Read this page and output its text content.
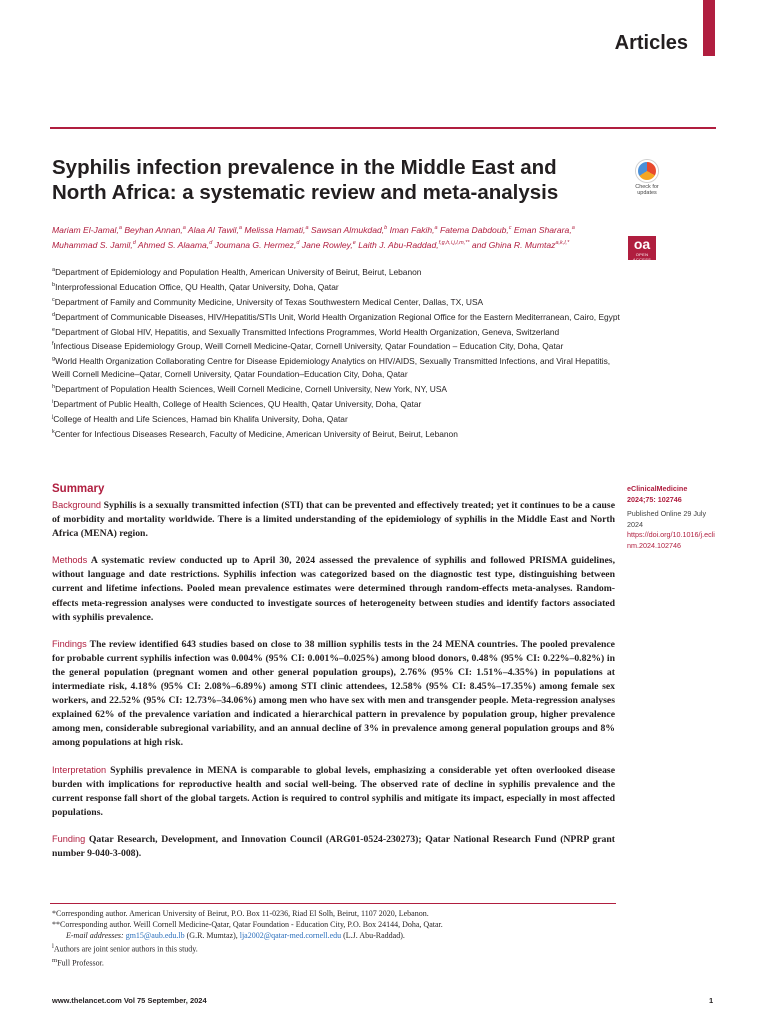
Articles
Syphilis infection prevalence in the Middle East and North Africa: a systematic review and meta-analysis	Check for updates
oa
OPEN ACCESS

Mariam El-Jamal,$^a$ Beyhan Annan,$^a$ Alaa Al Tawil,$^a$ Melissa Hamati,$^a$ Sawsan Almukdad,$^b$ Iman Fakih,$^a$ Fatema Dabdoub,$^c$ Eman Sharara,$^a$ Muhammad S. Jamil,$^d$ Ahmed S. Alaama,$^d$ Joumana G. Hermez,$^d$ Jane Rowley,$^e$ Laith J. Abu-Raddad,$^{f,g,h,i,j,l,m,**}$ and Ghina R. Mumtaz$^{a,k,l,*}$

$^a$Department of Epidemiology and Population Health, American University of Beirut, Beirut, Lebanon
$^b$Interprofessional Education Office, QU Health, Qatar University, Doha, Qatar
$^c$Department of Family and Community Medicine, University of Texas Southwestern Medical Center, Dallas, TX, USA
$^d$Department of Communicable Diseases, HIV/Hepatitis/STIs Unit, World Health Organization Regional Office for the Eastern Mediterranean, Cairo, Egypt
$^e$Department of Global HIV, Hepatitis, and Sexually Transmitted Infections Programmes, World Health Organization, Geneva, Switzerland
$^f$Infectious Disease Epidemiology Group, Weill Cornell Medicine-Qatar, Cornell University, Qatar Foundation – Education City, Doha, Qatar
$^g$World Health Organization Collaborating Centre for Disease Epidemiology Analytics on HIV/AIDS, Sexually Transmitted Infections, and Viral Hepatitis, Weill Cornell Medicine–Qatar, Cornell University, Qatar Foundation–Education City, Doha, Qatar
$^h$Department of Population Health Sciences, Weill Cornell Medicine, Cornell University, New York, NY, USA
$^i$Department of Public Health, College of Health Sciences, QU Health, Qatar University, Doha, Qatar
$^j$College of Health and Life Sciences, Hamad bin Khalifa University, Doha, Qatar
$^k$Center for Infectious Diseases Research, Faculty of Medicine, American University of Beirut, Beirut, Lebanon
Summary

Background Syphilis is a sexually transmitted infection (STI) that can be prevented and effectively treated; yet it continues to be a cause of morbidity and mortality worldwide. There is a limited understanding of the epidemiology of syphilis in the Middle East and North Africa (MENA) region.

Methods A systematic review conducted up to April 30, 2024 assessed the prevalence of syphilis and followed PRISMA guidelines, without language and date restrictions. Syphilis infection was categorized based on the diagnostic test type, distinguishing between current and lifetime infections. Pooled mean prevalence estimates were determined through random-effects meta-analyses. Random-effects meta-regression analyses were conducted to investigate sources of heterogeneity between studies and identify factors associated with syphilis prevalence.

Findings The review identified 643 studies based on close to 38 million syphilis tests in the 24 MENA countries. The pooled prevalence for probable current syphilis infection was 0.004% (95% CI: 0.001%–0.025%) among blood donors, 0.48% (95% CI: 0.22%–0.82%) in the general population (pregnant women and other general population groups), 2.76% (95% CI: 1.51%–4.35%) in populations at intermediate risk, 4.18% (95% CI: 2.08%–6.89%) among STI clinic attendees, 12.58% (95% CI: 8.45%–17.35%) among female sex workers, and 22.52% (95% CI: 12.73%–34.06%) among men who have sex with men and transgender people. Meta-regression analyses explained 62% of the prevalence variation and indicated a hierarchical pattern in prevalence by population group, higher prevalence among men, considerable subregional variability, and an annual decline of 3% in prevalence among general population groups and 8% among populations at high risk.

Interpretation Syphilis prevalence in MENA is comparable to global levels, emphasizing a considerable yet often overlooked disease burden with implications for reproductive health and social well-being. The observed rate of decline in syphilis prevalence and the current response fall short of the global targets. Action is required to control syphilis and mitigate its impact, especially in most affected populations.

Funding Qatar Research, Development, and Innovation Council (ARG01-0524-230273); Qatar National Research Fund (NPRP grant number 9-040-3-008).

eClinicalMedicine
2024;75: 102746
Published Online 29 July 2024
https://doi.org/10.1016/j.eclinm.2024.102746
*Corresponding author. American University of Beirut, P.O. Box 11-0236, Riad El Solh, Beirut, 1107 2020, Lebanon.
**Corresponding author. Weill Cornell Medicine-Qatar, Qatar Foundation - Education City, P.O. Box 24144, Doha, Qatar.
E-mail addresses: gm15@aub.edu.lb (G.R. Mumtaz), lja2002@qatar-med.cornell.edu (L.J. Abu-Raddad).
$^l$Authors are joint senior authors in this study.
$^m$Full Professor.
www.thelancet.com Vol 75 September, 2024	1
